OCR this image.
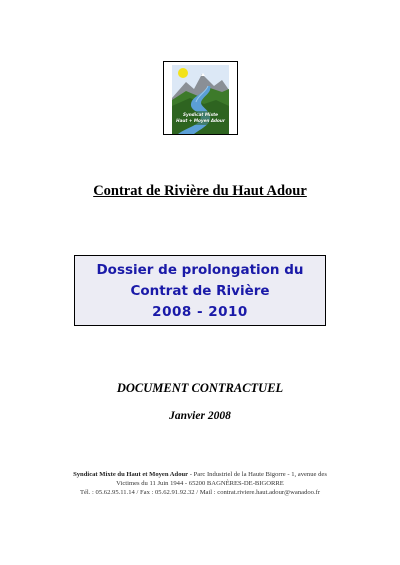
Syndicat Mixte
Haut + Moyen Adour
Contrat de Rivière du Haut Adour
Dossier de prolongation du
Contrat de Rivière
2008 - 2010
DOCUMENT CONTRACTUEL
Janvier 2008
Syndicat Mixte du Haut et Moyen Adour - Parc Industriel de la Haute Bigorre - 1, avenue des
Victimes du 11 Juin 1944 - 65200 BAGNÈRES-DE-BIGORRE
Tél. : 05.62.95.11.14 / Fax : 05.62.91.92.32 / Mail : contrat.riviere.haut.adour@wanadoo.fr
